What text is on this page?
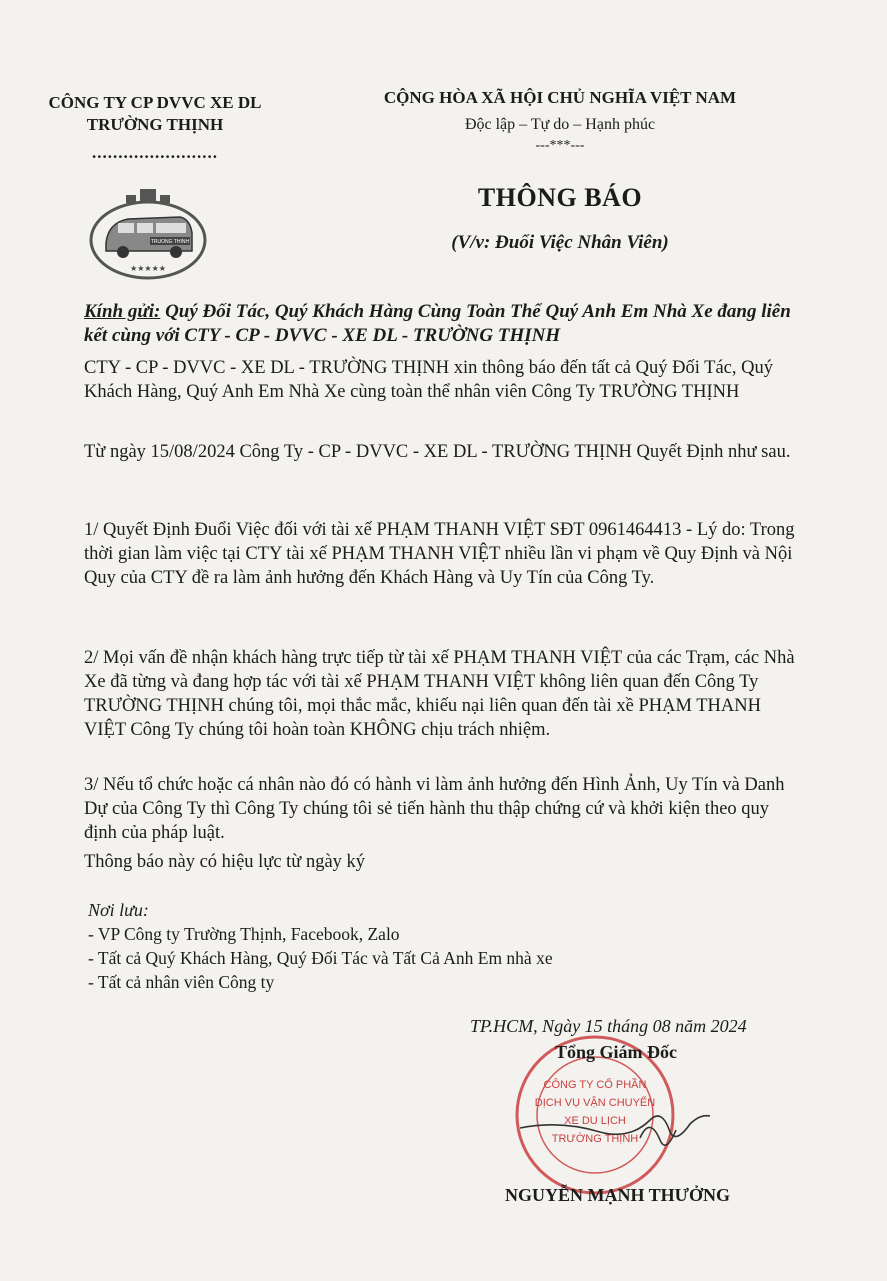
CÔNG TY CP DVVC XE DL
TRƯỜNG THỊNH
........................
CỘNG HÒA XÃ HỘI CHỦ NGHĨA VIỆT NAM
Độc lập – Tự do – Hạnh phúc
---***---
TRUONG THINH
★★★★★
THÔNG BÁO
(V/v: Đuổi Việc Nhân Viên)
Kính gửi: Quý Đối Tác, Quý Khách Hàng Cùng Toàn Thể Quý Anh Em Nhà Xe đang liên kết cùng với CTY - CP - DVVC - XE DL - TRƯỜNG THỊNH
CTY - CP - DVVC - XE DL - TRƯỜNG THỊNH xin thông báo đến tất cả Quý Đối Tác, Quý Khách Hàng, Quý Anh Em Nhà Xe cùng toàn thể nhân viên Công Ty TRƯỜNG THỊNH
Từ ngày 15/08/2024 Công Ty - CP - DVVC - XE DL - TRƯỜNG THỊNH Quyết Định như sau.
1/ Quyết Định Đuổi Việc đối với tài xế PHẠM THANH VIỆT SĐT 0961464413 - Lý do: Trong thời gian làm việc tại CTY tài xế PHẠM THANH VIỆT nhiều lần vi phạm về Quy Định và Nội Quy của CTY đề ra làm ảnh hưởng đến Khách Hàng và Uy Tín của Công Ty.
2/ Mọi vấn đề nhận khách hàng trực tiếp từ tài xế PHẠM THANH VIỆT của các Trạm, các Nhà Xe đã từng và đang hợp tác với tài xế PHẠM THANH VIỆT không liên quan đến Công Ty TRƯỜNG THỊNH chúng tôi, mọi thắc mắc, khiếu nại liên quan đến tài xề PHẠM THANH VIỆT Công Ty chúng tôi hoàn toàn KHÔNG chịu trách nhiệm.
3/ Nếu tổ chức hoặc cá nhân nào đó có hành vi làm ảnh hưởng đến Hình Ảnh, Uy Tín và Danh Dự của Công Ty thì Công Ty chúng tôi sẻ tiến hành thu thập chứng cứ và khởi kiện theo quy định của pháp luật.
Thông báo này có hiệu lực từ ngày ký
Nơi lưu:
- VP Công ty Trường Thịnh, Facebook, Zalo
- Tất cả Quý Khách Hàng, Quý Đối Tác và Tất Cả Anh Em nhà xe
- Tất cả nhân viên Công ty
TP.HCM, Ngày 15 tháng 08 năm 2024
CÔNG TY CỔ PHẦN
DỊCH VỤ VẬN CHUYỂN
XE DU LỊCH
TRƯỜNG THỊNH
Tổng Giám Đốc
NGUYỄN MẠNH THƯỞNG
